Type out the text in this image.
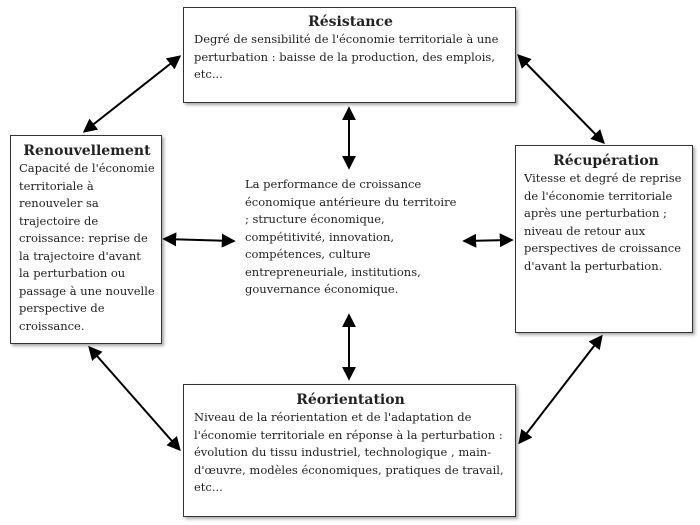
Résistance

Degré de sensibilité de l'économie territoriale à une perturbation : baisse de la production, des emplois, etc...

Renouvellement

Capacité de l'économie territoriale à renouveler sa trajectoire de croissance: reprise de la trajectoire d'avant la perturbation ou passage à une nouvelle perspective de croissance.

Récupération

Vitesse et degré de reprise de l'économie territoriale après une perturbation ; niveau de retour aux perspectives de croissance d'avant la perturbation.

Réorientation

Niveau de la réorientation et de l'adaptation de l'économie territoriale en réponse à la perturbation : évolution du tissu industriel, technologique , main-d'œuvre, modèles économiques, pratiques de travail, etc...

La performance de croissance économique antérieure du territoire ; structure économique, compétitivité, innovation, compétences, culture entrepreneuriale, institutions, gouvernance économique.
